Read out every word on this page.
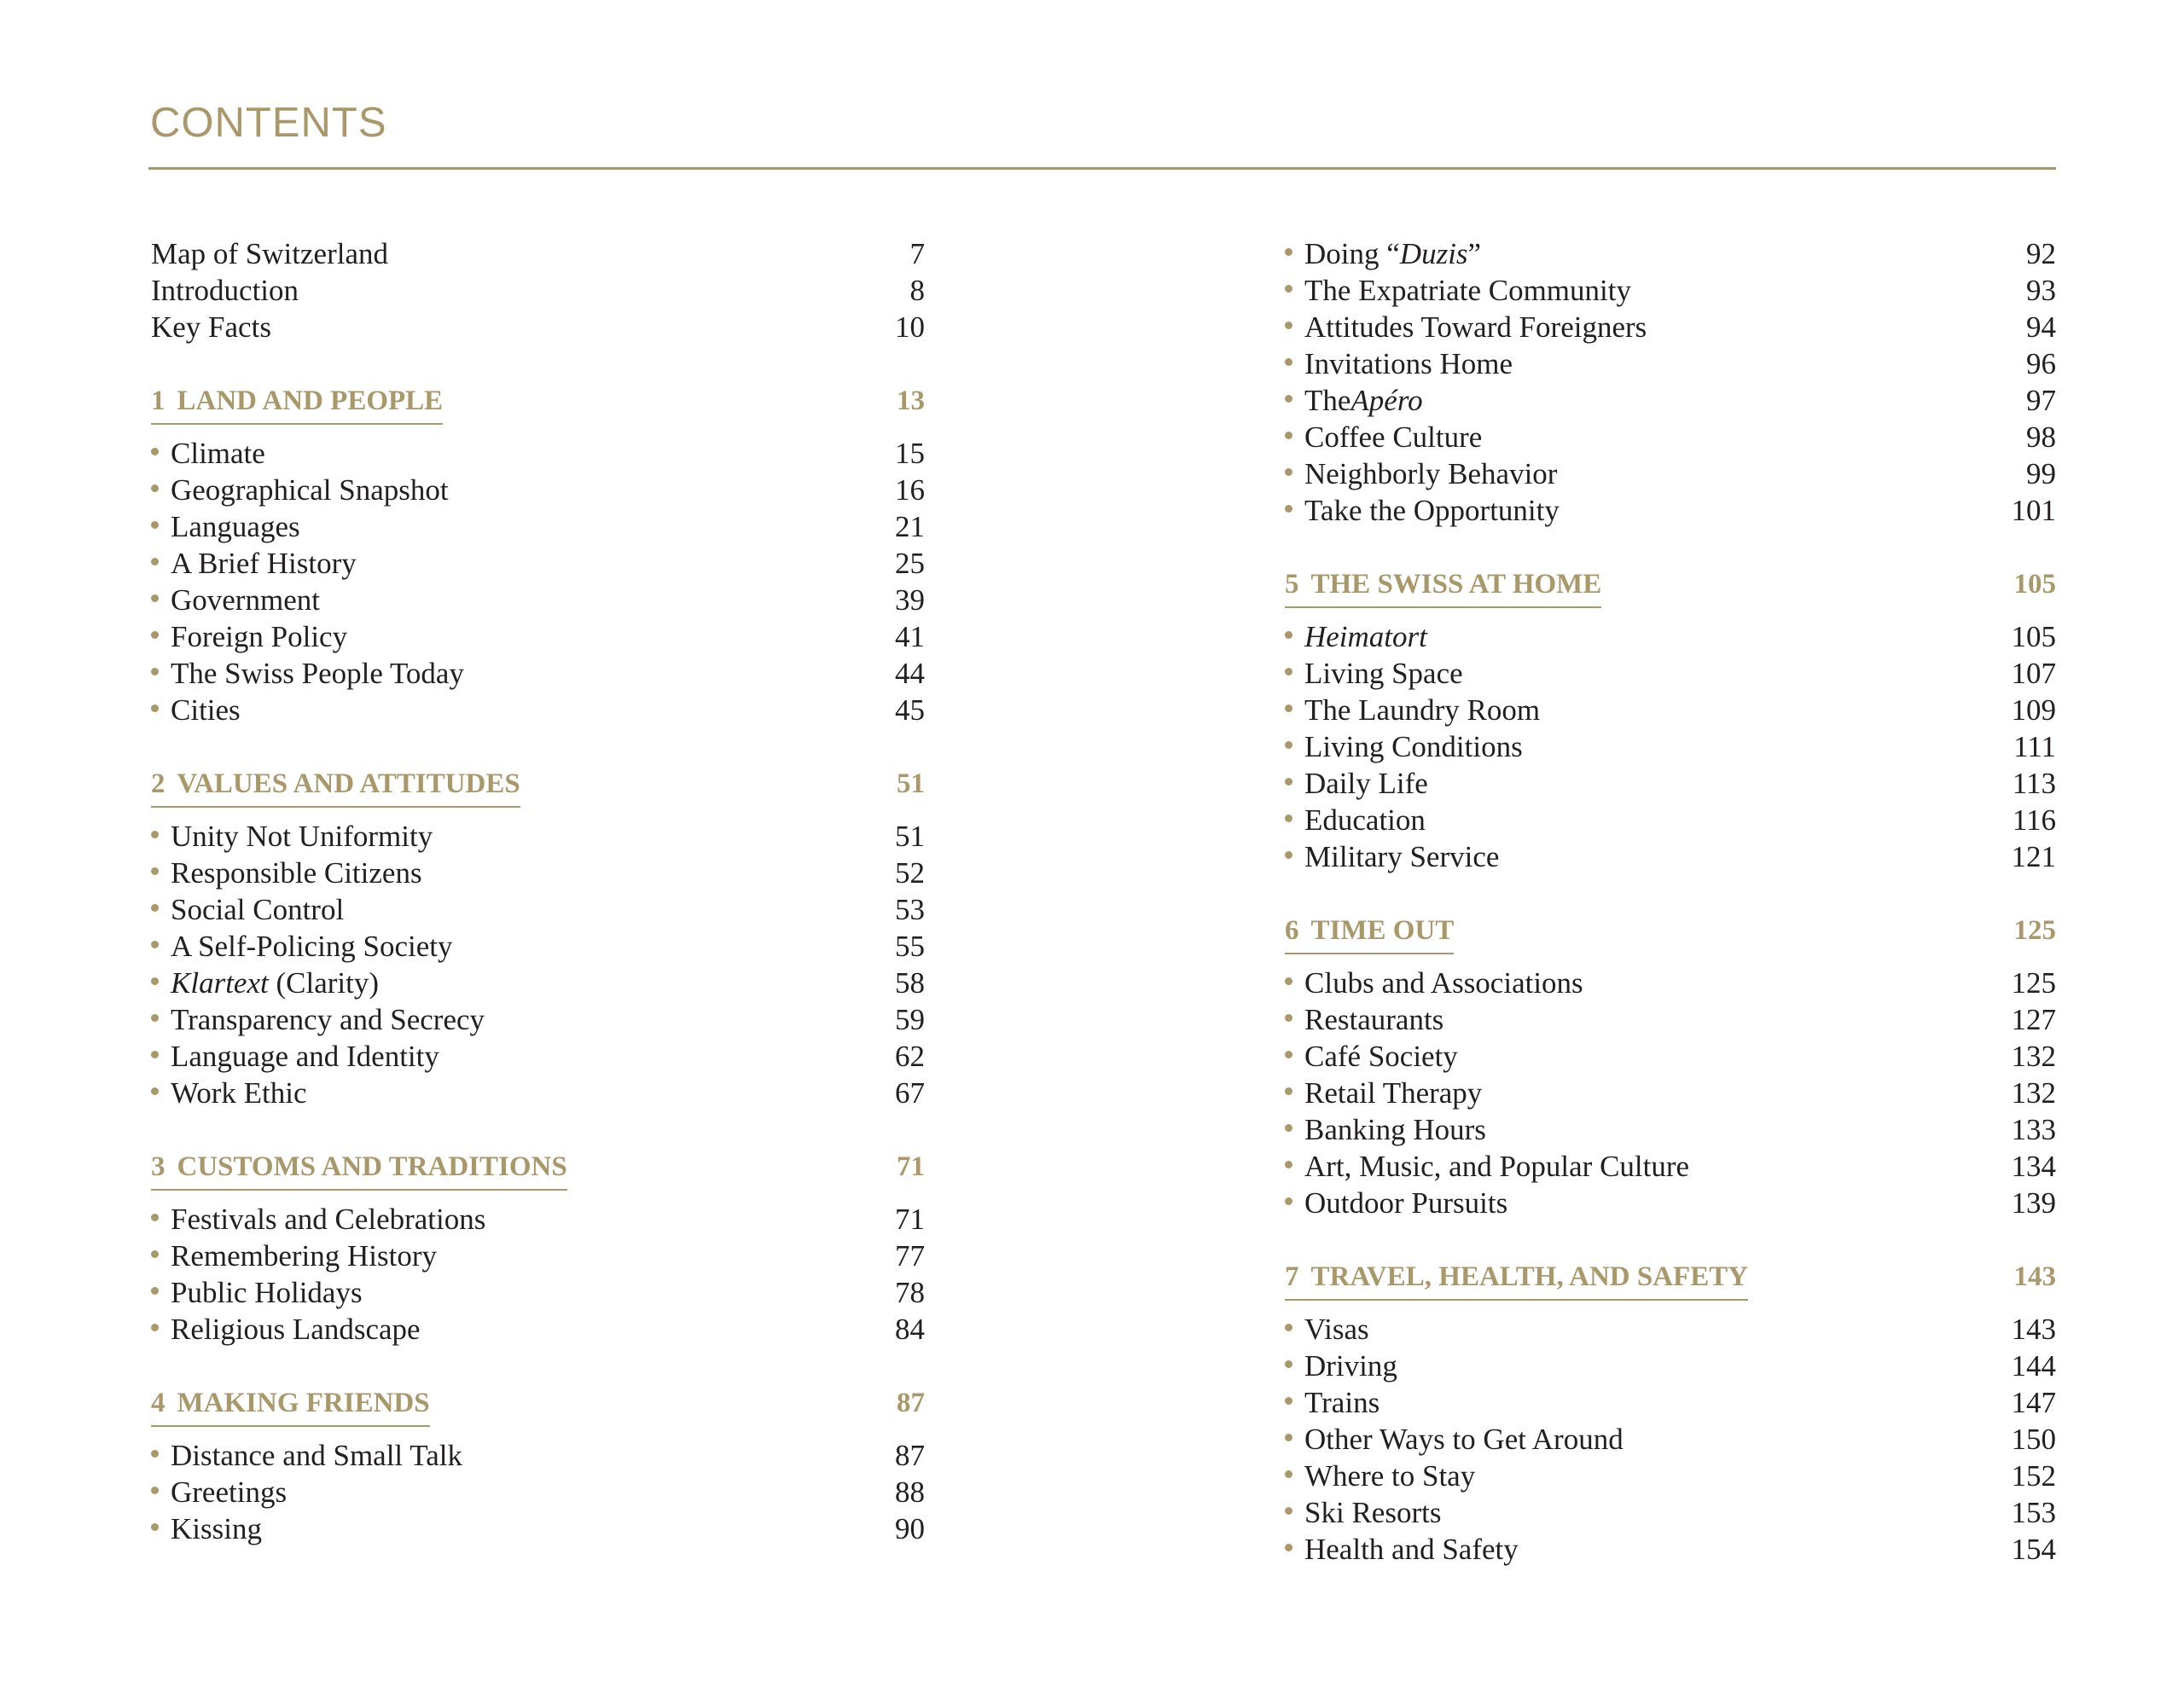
CONTENTS
Map of Switzerland	7
Introduction	8
Key Facts	10
1 LAND AND PEOPLE	13
Climate	15
Geographical Snapshot	16
Languages	21
A Brief History	25
Government	39
Foreign Policy	41
The Swiss People Today	44
Cities	45
2 VALUES AND ATTITUDES	51
Unity Not Uniformity	51
Responsible Citizens	52
Social Control	53
A Self-Policing Society	55
Klartext (Clarity)	58
Transparency and Secrecy	59
Language and Identity	62
Work Ethic	67
3 CUSTOMS AND TRADITIONS	71
Festivals and Celebrations	71
Remembering History	77
Public Holidays	78
Religious Landscape	84
4 MAKING FRIENDS	87
Distance and Small Talk	87
Greetings	88
Kissing	90
Doing “ Duzis ”	92
The Expatriate Community	93
Attitudes Toward Foreigners	94
Invitations Home	96
The Apéro	97
Coffee Culture	98
Neighborly Behavior	99
Take the Opportunity	101
5 THE SWISS AT HOME	105
Heimatort	105
Living Space	107
The Laundry Room	109
Living Conditions	111
Daily Life	113
Education	116
Military Service	121
6 TIME OUT	125
Clubs and Associations	125
Restaurants	127
Café Society	132
Retail Therapy	132
Banking Hours	133
Art, Music, and Popular Culture	134
Outdoor Pursuits	139
7 TRAVEL, HEALTH, AND SAFETY	143
Visas	143
Driving	144
Trains	147
Other Ways to Get Around	150
Where to Stay	152
Ski Resorts	153
Health and Safety	154
